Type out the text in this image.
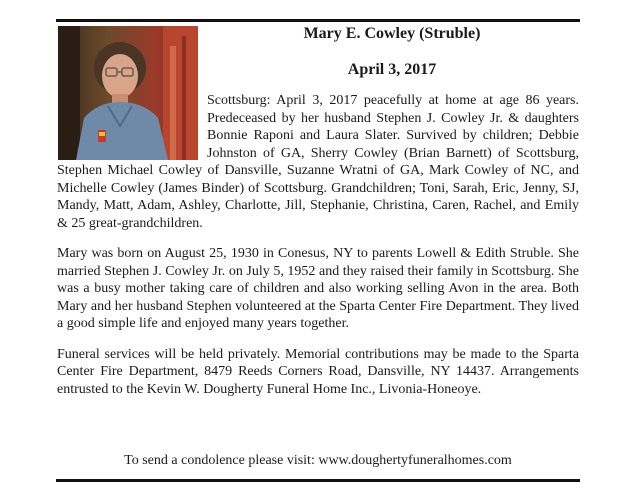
Mary E. Cowley (Struble)
April 3, 2017

Scottsburg: April 3, 2017 peacefully at home at age 86 years. Predeceased by her husband Stephen J. Cowley Jr. & daughters Bonnie Raponi and Laura Slater. Survived by children; Debbie Johnston of GA, Sherry Cowley (Brian Barnett) of Scottsburg, Stephen Michael Cowley of Dansville, Suzanne Wratni of GA, Mark Cowley of NC, and Michelle Cowley (James Binder) of Scottsburg. Grandchildren; Toni, Sarah, Eric, Jenny, SJ, Mandy, Matt, Adam, Ashley, Charlotte, Jill, Stephanie, Christina, Caren, Rachel, and Emily & 25 great-grandchildren.

Mary was born on August 25, 1930 in Conesus, NY to parents Lowell & Edith Struble. She married Stephen J. Cowley Jr. on July 5, 1952 and they raised their family in Scottsburg. She was a busy mother taking care of children and also working selling Avon in the area. Both Mary and her husband Stephen volunteered at the Sparta Center Fire Department. They lived a good simple life and enjoyed many years together.

Funeral services will be held privately. Memorial contributions may be made to the Sparta Center Fire Department, 8479 Reeds Corners Road, Dansville, NY 14437. Arrangements entrusted to the Kevin W. Dougherty Funeral Home Inc., Livonia-Honeoye.

To send a condolence please visit: www.doughertyfuneralhomes.com
